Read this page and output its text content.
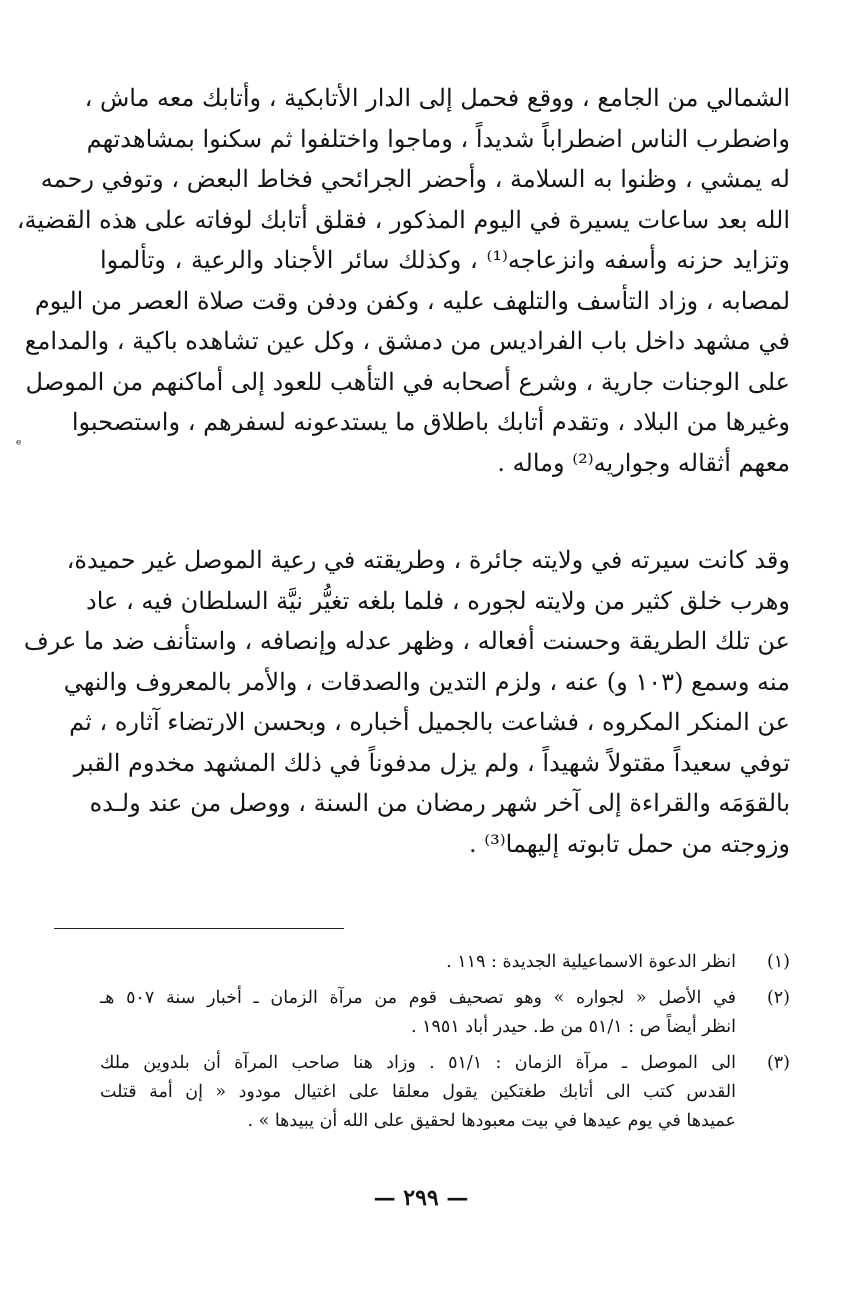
الشمالي من الجامع ، ووقع فحمل إلى الدار الأتابكية ، وأتابك معه ماش ،
واضطرب الناس اضطراباً شديداً ، وماجوا واختلفوا ثم سكنوا بمشاهدتهم
له يمشي ، وظنوا به السلامة ، وأحضر الجرائحي فخاط البعض ، وتوفي رحمه
الله بعد ساعات يسيرة في اليوم المذكور ، فقلق أتابك لوفاته على هذه القضية،
وتزايد حزنه وأسفه وانزعاجه⁽¹⁾ ، وكذلك سائر الأجناد والرعية ، وتألموا
لمصابه ، وزاد التأسف والتلهف عليه ، وكفن ودفن وقت صلاة العصر من اليوم
في مشهد داخل باب الفراديس من دمشق ، وكل عين تشاهده باكية ، والمدامع
على الوجنات جارية ، وشرع أصحابه في التأهب للعود إلى أماكنهم من الموصل
وغيرها من البلاد ، وتقدم أتابك باطلاق ما يستدعونه لسفرهم ، واستصحبوا
معهم أثقاله وجواريه⁽²⁾ وماله .
ᵉ
وقد كانت سيرته في ولايته جائرة ، وطريقته في رعية الموصل غير حميدة،
وهرب خلق كثير من ولايته لجوره ، فلما بلغه تغيُّر نيَّة السلطان فيه ، عاد
عن تلك الطريقة وحسنت أفعاله ، وظهر عدله وإنصافه ، واستأنف ضد ما عرف
منه وسمع (١٠٣ و) عنه ، ولزم التدين والصدقات ، والأمر بالمعروف والنهي
عن المنكر المكروه ، فشاعت بالجميل أخباره ، وبحسن الارتضاء آثاره ، ثم
توفي سعيداً مقتولاً شهيداً ، ولم يزل مدفوناً في ذلك المشهد مخدوم القبر
بالقوَمَه والقراءة إلى آخر شهر رمضان من السنة ، ووصل من عند ولـده
وزوجته من حمل تابوته إليهما⁽³⁾ .
(١)
انظر الدعوة الاسماعيلية الجديدة : ١١٩ .
(٢)
في الأصل « لجواره » وهو تصحيف قوم من مرآة الزمان ـ أخبار سنة ٥٠٧ هـ
انظر أيضاً ص : ٥١/١ من ط. حيدر أباد ١٩٥١ .
(٣)
الى الموصل ـ مرآة الزمان : ٥١/١ . وزاد هنا صاحب المرآة أن بلدوين ملك
القدس كتب الى أتابك طغتكين يقول معلقا على اغتيال مودود « إن أمة قتلت
عميدها في يوم عيدها في بيت معبودها لحقيق على الله أن يبيدها » .
— ٢٩٩ —
